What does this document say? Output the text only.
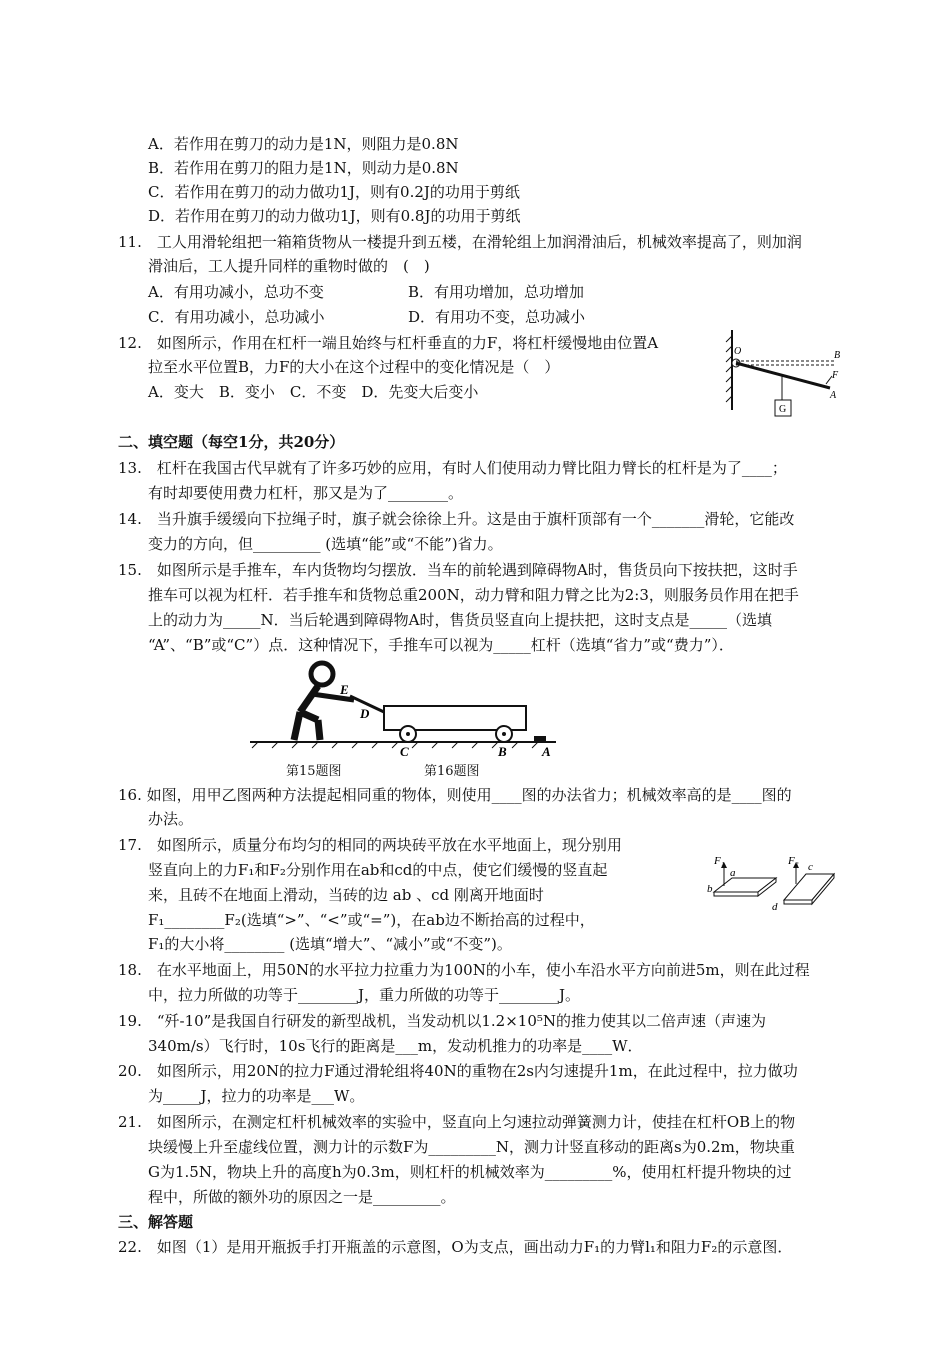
A．若作用在剪刀的动力是1N，则阻力是0.8N
B．若作用在剪刀的阻力是1N，则动力是0.8N
C．若作用在剪刀的动力做功1J，则有0.2J的功用于剪纸
D．若作用在剪刀的动力做功1J，则有0.8J的功用于剪纸
11.　工人用滑轮组把一箱箱货物从一楼提升到五楼，在滑轮组上加润滑油后，机械效率提高了，则加润
滑油后，工人提升同样的重物时做的　(　)
A．有用功减小，总功不变	B．有用功增加，总功增加
C．有用功减小，总功减小	D．有用功不变，总功减小
12.　如图所示，作用在杠杆一端且始终与杠杆垂直的力F，将杠杆缓慢地由位置A
拉至水平位置B，力F的大小在这个过程中的变化情况是（　）
A．变大　B．变小　C．不变　D．先变大后变小
O	B
F
A
G
二、填空题（每空1分，共20分）
13.　杠杆在我国古代早就有了许多巧妙的应用，有时人们使用动力臂比阻力臂长的杠杆是为了____；
有时却要使用费力杠杆，那又是为了________。
14.　当升旗手缓缓向下拉绳子时，旗子就会徐徐上升。这是由于旗杆顶部有一个_______滑轮，它能改
变力的方向，但_________ (选填“能”或“不能”)省力。
15.　如图所示是手推车，车内货物均匀摆放．当车的前轮遇到障碍物A时，售货员向下按扶把，这时手
推车可以视为杠杆．若手推车和货物总重200N，动力臂和阻力臂之比为2:3，则服务员作用在把手
上的动力为_____N．当后轮遇到障碍物A时，售货员竖直向上提扶把，这时支点是_____（选填
“A”、“B”或“C”）点．这种情况下，手推车可以视为_____杠杆（选填“省力”或“费力”）．
E
D
C	B	A
第15题图	第16题图
16. 如图，用甲乙图两种方法提起相同重的物体，则使用____图的办法省力；机械效率高的是____图的
办法。
17.　如图所示，质量分布均匀的相同的两块砖平放在水平地面上，现分别用
竖直向上的力F₁和F₂分别作用在ab和cd的中点，使它们缓慢的竖直起
来，且砖不在地面上滑动，当砖的边 ab 、cd 刚离开地面时
F₁________F₂(选填“>”、“<”或“=”)，在ab边不断抬高的过程中，
F₁的大小将________ (选填“增大”、“减小”或“不变”)。
F₁
a
b
F₂ c
d
18.　在水平地面上，用50N的水平拉力拉重力为100N的小车，使小车沿水平方向前进5m，则在此过程
中，拉力所做的功等于________J，重力所做的功等于________J。
19.　“歼-10”是我国自行研发的新型战机，当发动机以1.2×10⁵N的推力使其以二倍声速（声速为
340m/s）飞行时，10s飞行的距离是___m，发动机推力的功率是____W．
20.　如图所示，用20N的拉力F通过滑轮组将40N的重物在2s内匀速提升1m，在此过程中，拉力做功
为_____J，拉力的功率是___W。
21.　如图所示，在测定杠杆机械效率的实验中，竖直向上匀速拉动弹簧测力计，使挂在杠杆OB上的物
块缓慢上升至虚线位置，测力计的示数F为_________N，测力计竖直移动的距离s为0.2m，物块重
G为1.5N，物块上升的高度h为0.3m，则杠杆的机械效率为_________%，使用杠杆提升物块的过
程中，所做的额外功的原因之一是_________。
三、解答题
22.　如图（1）是用开瓶扳手打开瓶盖的示意图，O为支点，画出动力F₁的力臂l₁和阻力F₂的示意图．
